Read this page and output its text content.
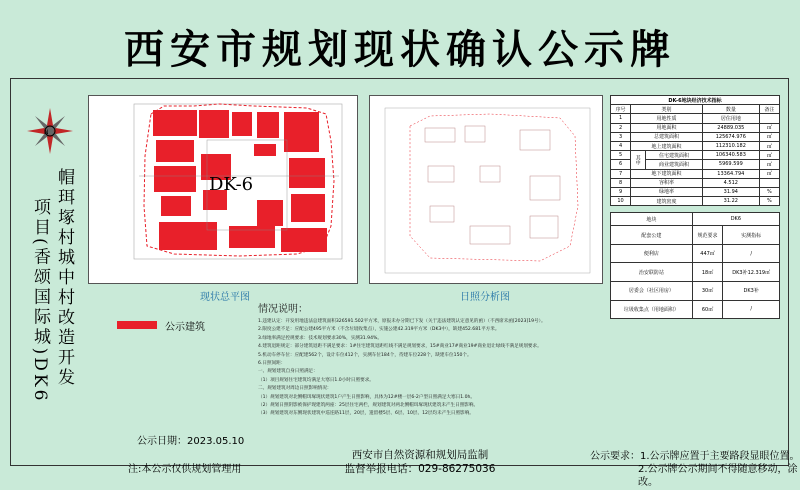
西安市规划现状确认公示牌
N
帽珥塚村城中村改造开发
项目(香颂国际城)DK6
DK-6
现状总平图	日照分析图
公示建筑
情况说明：
1.违建认定：开发用地违法总建筑面积326591.502平方米，原报未办分期已下发（关于违法建筑认定意见的函）（不西席未函[2023]19号）。
2.限度公建不足：应配公建495平方米（不含垃圾收集点），实施公建42.319平方米（DK3中），缺建452.681平方米。
3.绿地率满足控规要求：技术规划要求30%，实测31.94%。
4.建筑退距规定：部分建筑退距不满足要求：1#住宅建筑退距红线不满足规划要求，15#商业17#商业19#商业退让绿线不满足规划要求。
5.机动车停车位：应配建562个，设计车位412个，实测车位184个，待建车位228个，缺建车位150个。
6.日照间距：
一、规划建筑自身日照满足：
（1）项目规划住宅建筑均满足大寒日1.0小时日照要求。
二、规划建筑对周边日照影响情况：
（1）规划建筑对北侧帽珥塚现状建筑1户产生日照影响，具体为12#楼一层6-2户型日照满足大寒日1.0h。
（2）规划日照阴影被保护现建筑两座：25层住宅两栏，规划建筑对两北侧帽珥塚现状建筑未产生日照影响。
（3）规划建筑对东侧现状建筑中巡连路11层，20层，遗留楼5层、6层、10层、12层均未产生日照影响。
公示日期：2023.05.10
注:本公示仅供规划管理用
西安市自然资源和规划局监制
监督举报电话：029-86275036
公示要求：1.公示牌应置于主要路段显眼位置。
2.公示牌公示期间不得随意移动，涂改。
DK-6地块经济技术指标				
序号	类别		数量	备注
1	用地性质		居住用地	
2	用地面积		24889.035	㎡
3	总建筑面积		125674.976	㎡
4	地上建筑面积		112310.182	㎡
5	其中	住宅建筑面积	106340.583	㎡
6		商业建筑面积	5969.599	㎡
7	地下建筑面积		13364.794	㎡
8	容积率		4.512	
9	绿地率		31.94	%
10	建筑密度		31.22	%
地块	DK6	
配套公建	规范要求	实测指标
便利店	447㎡	/
治安联防站	18㎡	DK3补12.319㎡
居委会（社区用房）	30㎡	DK3补
垃圾收集点（用地面积）	60㎡	/
